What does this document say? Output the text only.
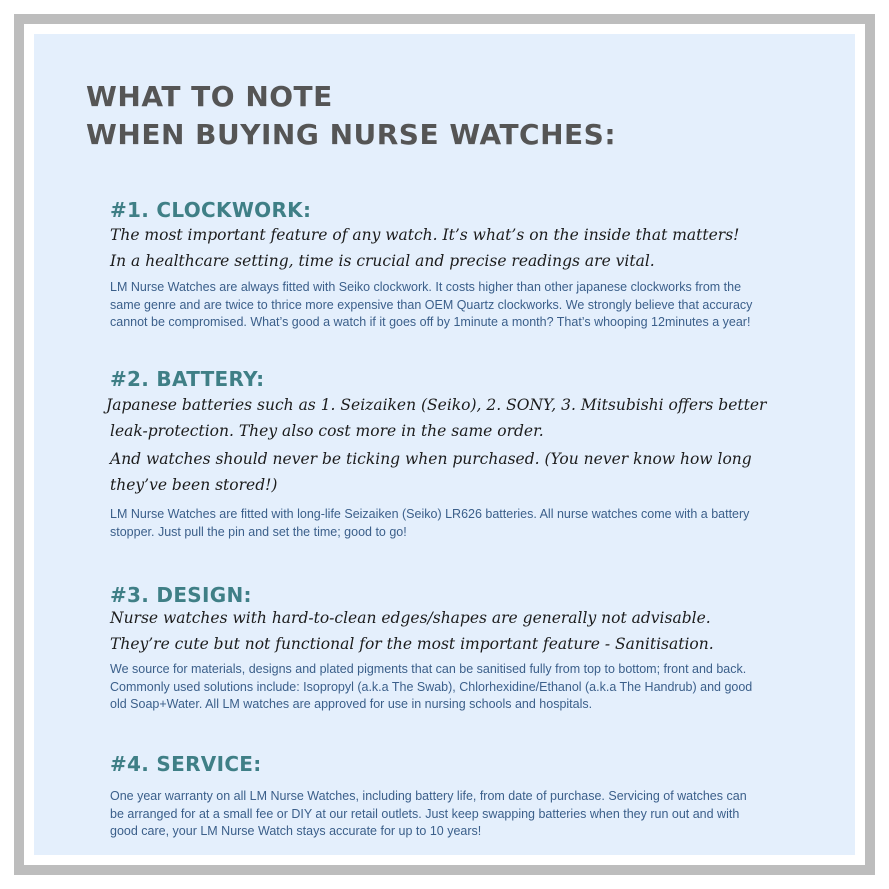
WHAT TO NOTE
WHEN BUYING NURSE WATCHES:
#1. CLOCKWORK:
The most important feature of any watch. It’s what’s on the inside that matters!
In a healthcare setting, time is crucial and precise readings are vital.
LM Nurse Watches are always fitted with Seiko clockwork. It costs higher than other japanese clockworks from the
same genre and are twice to thrice more expensive than OEM Quartz clockworks. We strongly believe that accuracy
cannot be compromised. What’s good a watch if it goes off by 1minute a month? That’s whooping 12minutes a year!
#2. BATTERY:
Japanese batteries such as 1. Seizaiken (Seiko), 2. SONY, 3. Mitsubishi offers better
leak-protection. They also cost more in the same order.
And watches should never be ticking when purchased. (You never know how long
they’ve been stored!)
LM Nurse Watches are fitted with long-life Seizaiken (Seiko) LR626 batteries. All nurse watches come with a battery
stopper. Just pull the pin and set the time; good to go!
#3. DESIGN:
Nurse watches with hard-to-clean edges/shapes are generally not advisable.
They’re cute but not functional for the most important feature - Sanitisation.
We source for materials, designs and plated pigments that can be sanitised fully from top to bottom; front and back.
Commonly used solutions include: Isopropyl (a.k.a The Swab), Chlorhexidine/Ethanol (a.k.a The Handrub) and good
old Soap+Water. All LM watches are approved for use in nursing schools and hospitals.
#4. SERVICE:
One year warranty on all LM Nurse Watches, including battery life, from date of purchase. Servicing of watches can
be arranged for at a small fee or DIY at our retail outlets. Just keep swapping batteries when they run out and with
good care, your LM Nurse Watch stays accurate for up to 10 years!
